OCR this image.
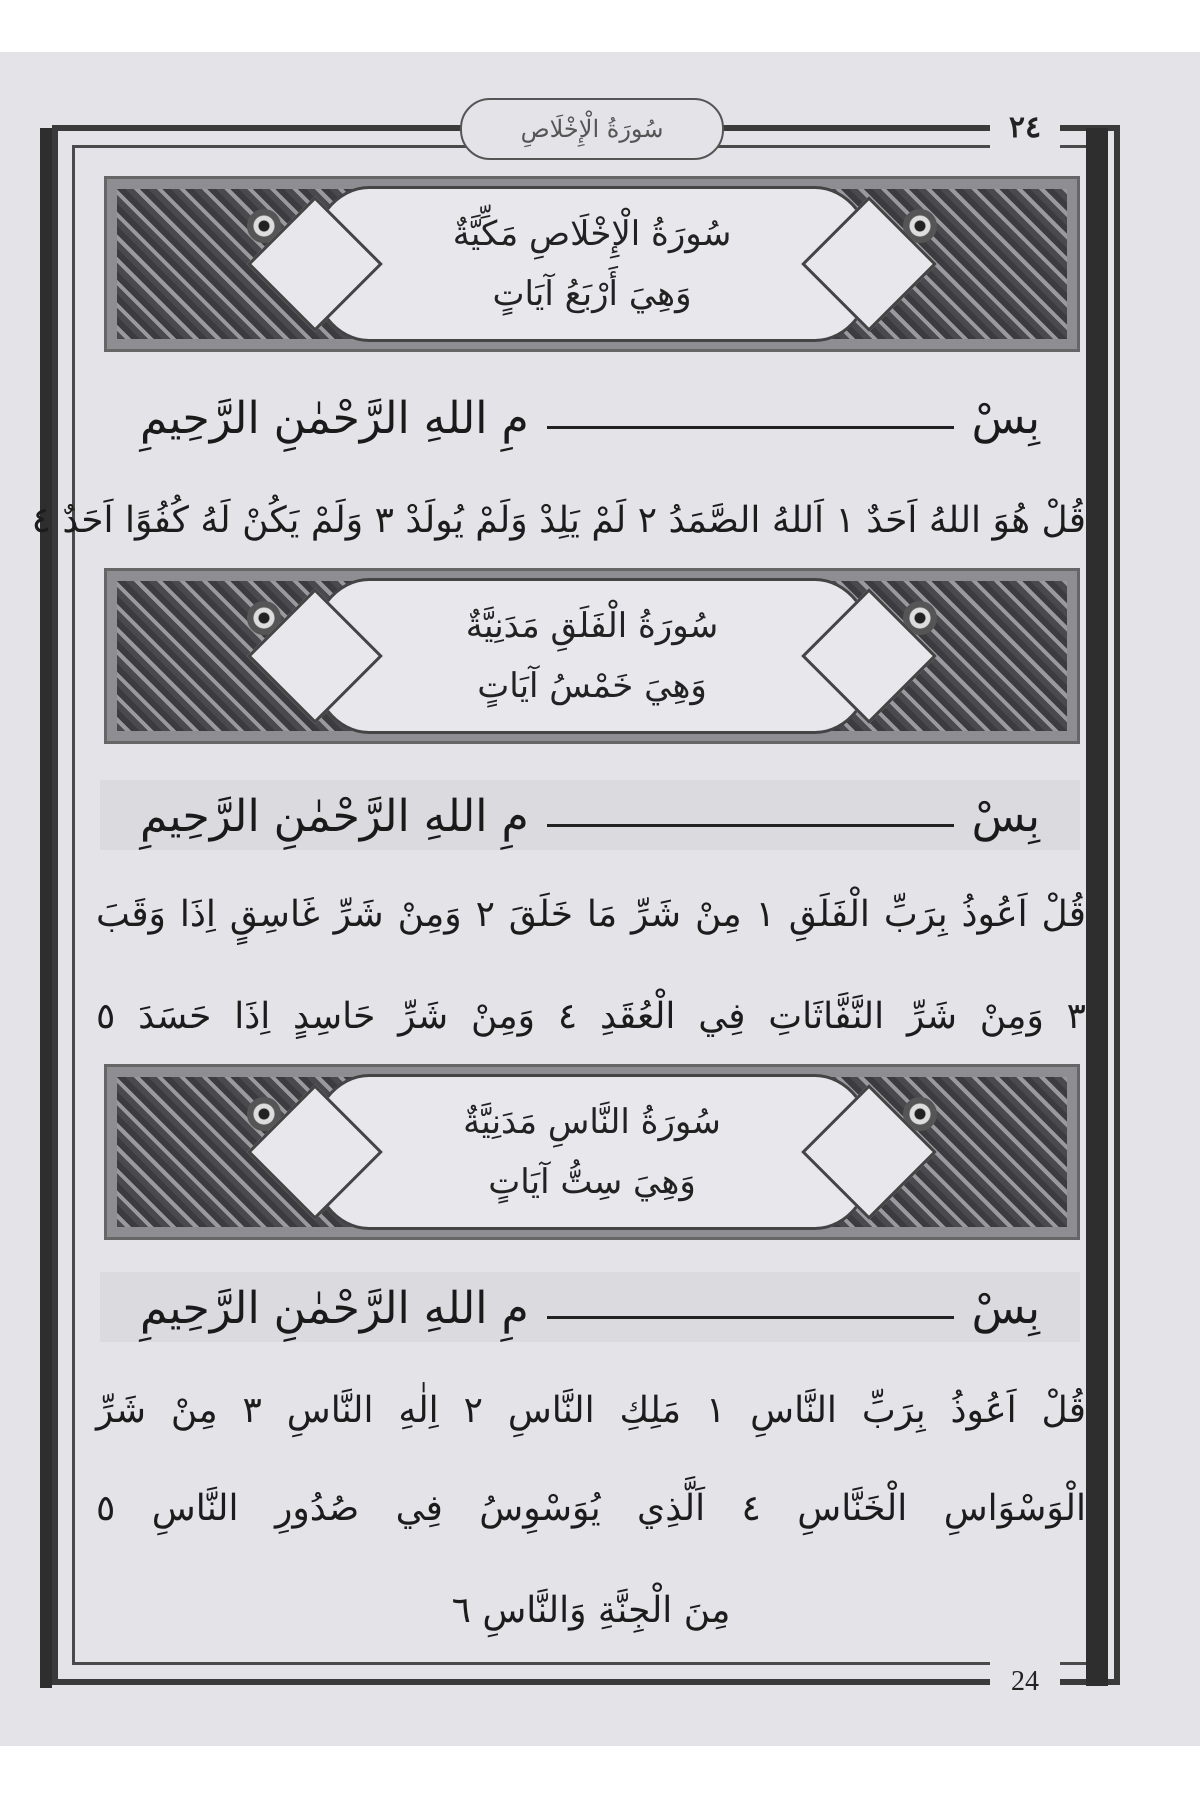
سُورَةُ الْإِخْلَاصِ	٢٤
24
سُورَةُ الْإِخْلَاصِ مَكِّيَّةٌ
وَهِيَ أَرْبَعُ آيَاتٍ
بِسْ
مِ اللهِ الرَّحْمٰنِ الرَّحِيمِ
قُلْ هُوَ اللهُ اَحَدٌ ١ اَللهُ الصَّمَدُ ٢ لَمْ يَلِدْ وَلَمْ يُولَدْ ٣ وَلَمْ يَكُنْ لَهُ كُفُوًا اَحَدٌ ٤
سُورَةُ الْفَلَقِ مَدَنِيَّةٌ
وَهِيَ خَمْسُ آيَاتٍ
بِسْ
مِ اللهِ الرَّحْمٰنِ الرَّحِيمِ
قُلْ اَعُوذُ بِرَبِّ الْفَلَقِ ١ مِنْ شَرِّ مَا خَلَقَ ٢ وَمِنْ شَرِّ غَاسِقٍ اِذَا وَقَبَ
٣ وَمِنْ شَرِّ النَّفَّاثَاتِ فِي الْعُقَدِ ٤ وَمِنْ شَرِّ حَاسِدٍ اِذَا حَسَدَ ٥
سُورَةُ النَّاسِ مَدَنِيَّةٌ
وَهِيَ سِتُّ آيَاتٍ
بِسْ
مِ اللهِ الرَّحْمٰنِ الرَّحِيمِ
قُلْ اَعُوذُ بِرَبِّ النَّاسِ ١ مَلِكِ النَّاسِ ٢ اِلٰهِ النَّاسِ ٣ مِنْ شَرِّ
الْوَسْوَاسِ الْخَنَّاسِ ٤ اَلَّذِي يُوَسْوِسُ فِي صُدُورِ النَّاسِ ٥
مِنَ الْجِنَّةِ وَالنَّاسِ ٦
